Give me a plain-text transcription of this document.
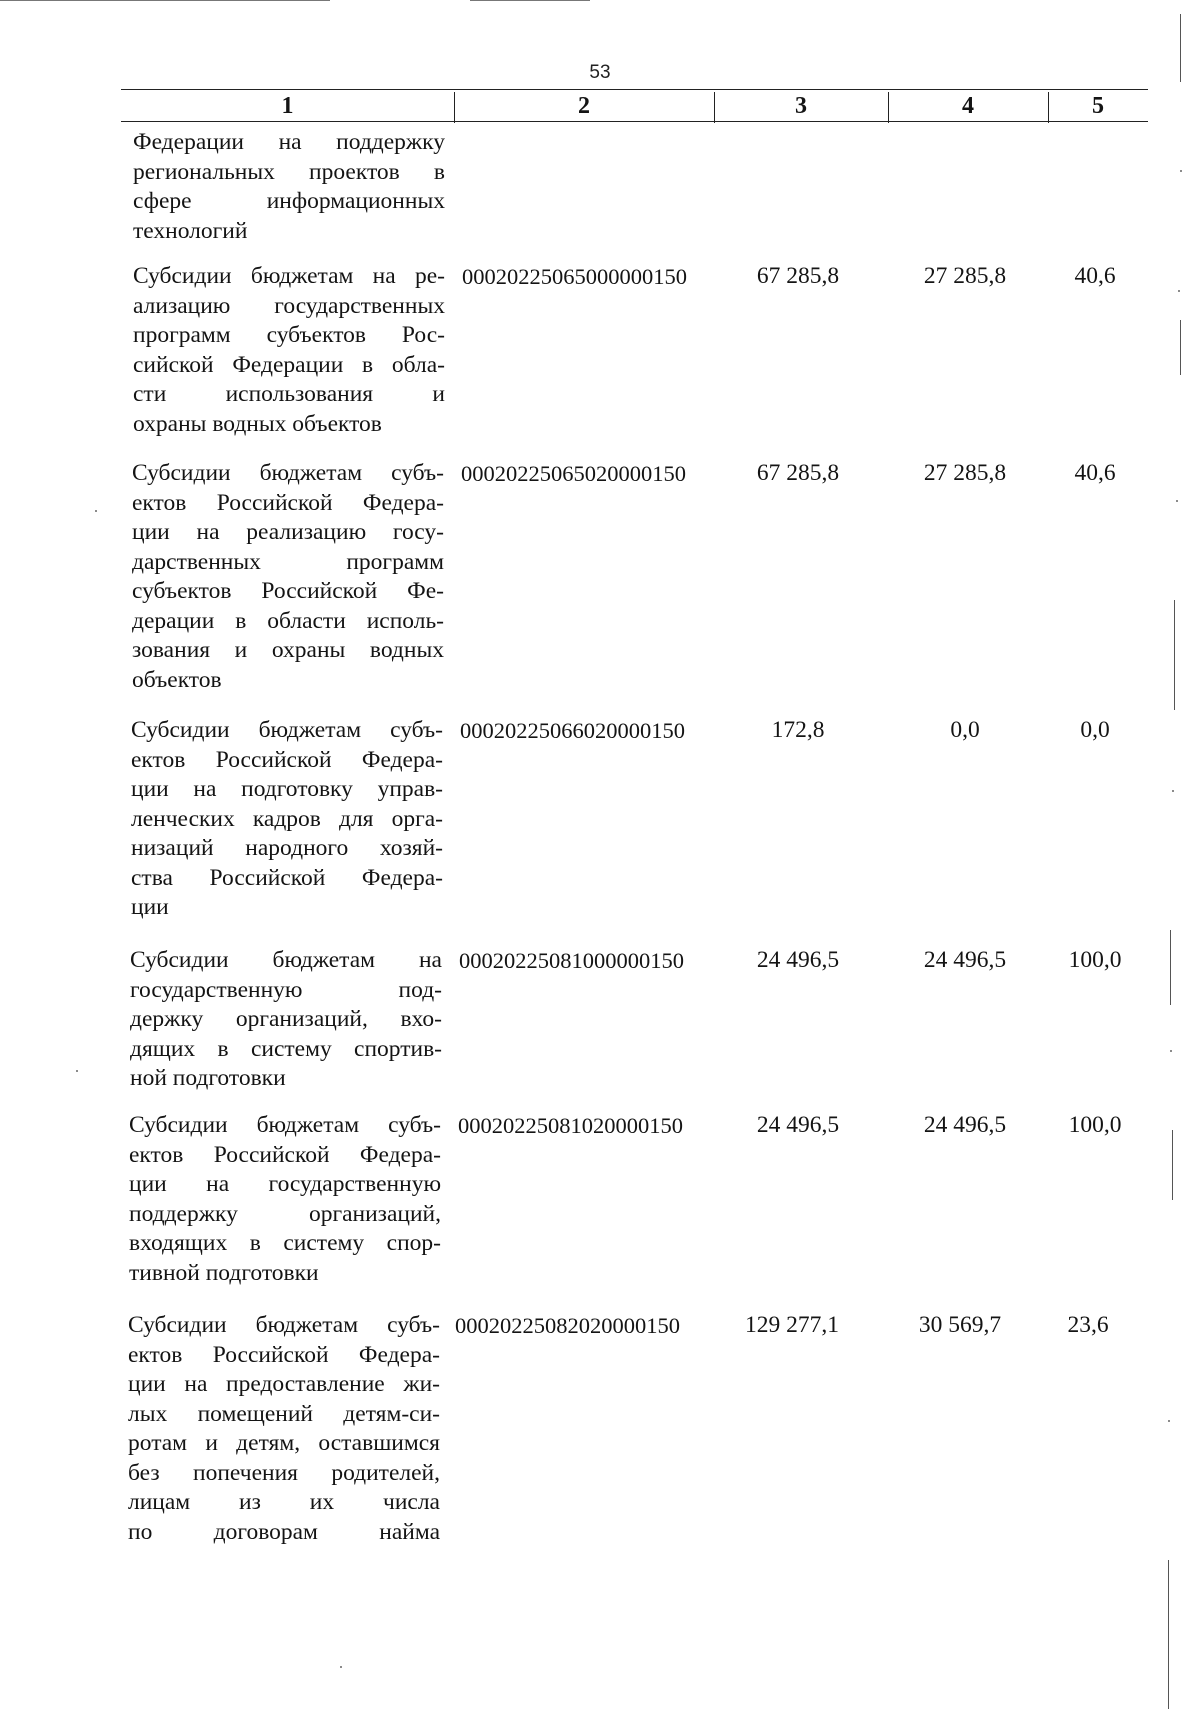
53
1	2	3	4	5
Федерации на поддержку
региональных проектов в
сфере информационных
технологий
Субсидии бюджетам на ре-
ализацию государственных
программ субъектов Рос-
сийской Федерации в обла-
сти использования и
охраны водных объектов
00020225065000000150	67 285,8	27 285,8	40,6
Субсидии бюджетам субъ-
ектов Российской Федера-
ции на реализацию госу-
дарственных программ
субъектов Российской Фе-
дерации в области исполь-
зования и охраны водных
объектов
00020225065020000150	67 285,8	27 285,8	40,6
Субсидии бюджетам субъ-
ектов Российской Федера-
ции на подготовку управ-
ленческих кадров для орга-
низаций народного хозяй-
ства Российской Федера-
ции
00020225066020000150	172,8	0,0	0,0
Субсидии бюджетам на
государственную под-
держку организаций, вхо-
дящих в систему спортив-
ной подготовки
00020225081000000150	24 496,5	24 496,5	100,0
Субсидии бюджетам субъ-
ектов Российской Федера-
ции на государственную
поддержку организаций,
входящих в систему спор-
тивной подготовки
00020225081020000150	24 496,5	24 496,5	100,0
Субсидии бюджетам субъ-
ектов Российской Федера-
ции на предоставление жи-
лых помещений детям-си-
ротам и детям, оставшимся
без попечения родителей,
лицам из их числа
по договорам найма
00020225082020000150	129 277,1	30 569,7	23,6
